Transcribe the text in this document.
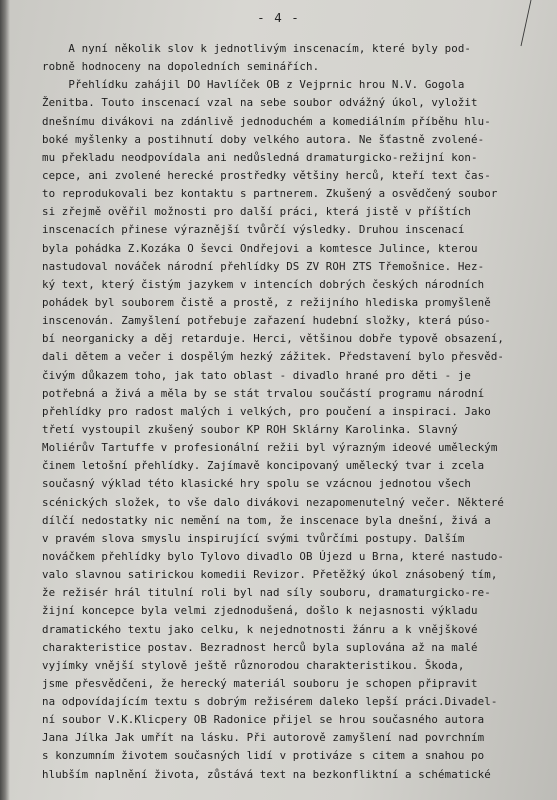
- 4 -
A nyní několik slov k jednotlivým inscenacím, které byly pod-
robně hodnoceny na dopoledních seminářích.
Přehlídku zahájil DO Havlíček OB z Vejprnic hrou N.V. Gogola
Ženitba. Touto inscenací vzal na sebe soubor odvážný úkol, vyložit
dnešnímu divákovi na zdánlivě jednoduchém a komediálním příběhu hlu-
boké myšlenky a postihnutí doby velkého autora. Ne šťastně zvolené-
mu překladu neodpovídala ani nedůsledná dramaturgicko-režijní kon-
cepce, ani zvolené herecké prostředky většiny herců, kteří text čas-
to reprodukovali bez kontaktu s partnerem. Zkušený a osvědčený soubor
si zřejmě ověřil možnosti pro další práci, která jistě v příštích
inscenacích přinese výraznější tvůrčí výsledky. Druhou inscenací
byla pohádka Z.Kozáka O ševci Ondřejovi a komtesce Julince, kterou
nastudoval nováček národní přehlídky DS ZV ROH ZTS Třemošnice. Hez-
ký text, který čistým jazykem v intencích dobrých českých národních
pohádek byl souborem čistě a prostě, z režijního hlediska promyšleně
inscenován. Zamyšlení potřebuje zařazení hudební složky, která púso-
bí neorganicky a děj retarduje. Herci, většinou dobře typově obsazení,
dali dětem a večer i dospělým hezký zážitek. Představení bylo přesvěd-
čivým důkazem toho, jak tato oblast - divadlo hrané pro děti - je
potřebná a živá a měla by se stát trvalou součástí programu národní
přehlídky pro radost malých i velkých, pro poučení a inspiraci. Jako
třetí vystoupil zkušený soubor KP ROH Sklárny Karolinka. Slavný
Moliérův Tartuffe v profesionální režii byl výrazným ideové uměleckým
činem letošní přehlídky. Zajímavě koncipovaný umělecký tvar i zcela
současný výklad této klasické hry spolu se vzácnou jednotou všech
scénických složek, to vše dalo divákovi nezapomenutelný večer. Některé
dílčí nedostatky nic nemění na tom, že inscenace byla dnešní, živá a
v pravém slova smyslu inspirující svými tvůrčími postupy. Dalším
nováčkem přehlídky bylo Tylovo divadlo OB Újezd u Brna, které nastudo-
valo slavnou satirickou komedii Revizor. Přetěžký úkol znásobený tím,
že režisér hrál titulní roli byl nad síly souboru, dramaturgicko-re-
žijní koncepce byla velmi zjednodušená, došlo k nejasnosti výkladu
dramatického textu jako celku, k nejednotnosti žánru a k vnějškové
charakteristice postav. Bezradnost herců byla suplována až na malé
vyjímky vnější stylově ještě různorodou charakteristikou. Škoda,
jsme přesvědčeni, že herecký materiál souboru je schopen připravit
na odpovídajícím textu s dobrým režisérem daleko lepší práci.Divadel-
ní soubor V.K.Klicpery OB Radonice přijel se hrou současného autora
Jana Jílka Jak umřít na lásku. Při autorově zamyšlení nad povrchním
s konzumním životem současných lidí v protiváze s citem a snahou po
hlubším naplnění života, zůstává text na bezkonfliktní a schématické
